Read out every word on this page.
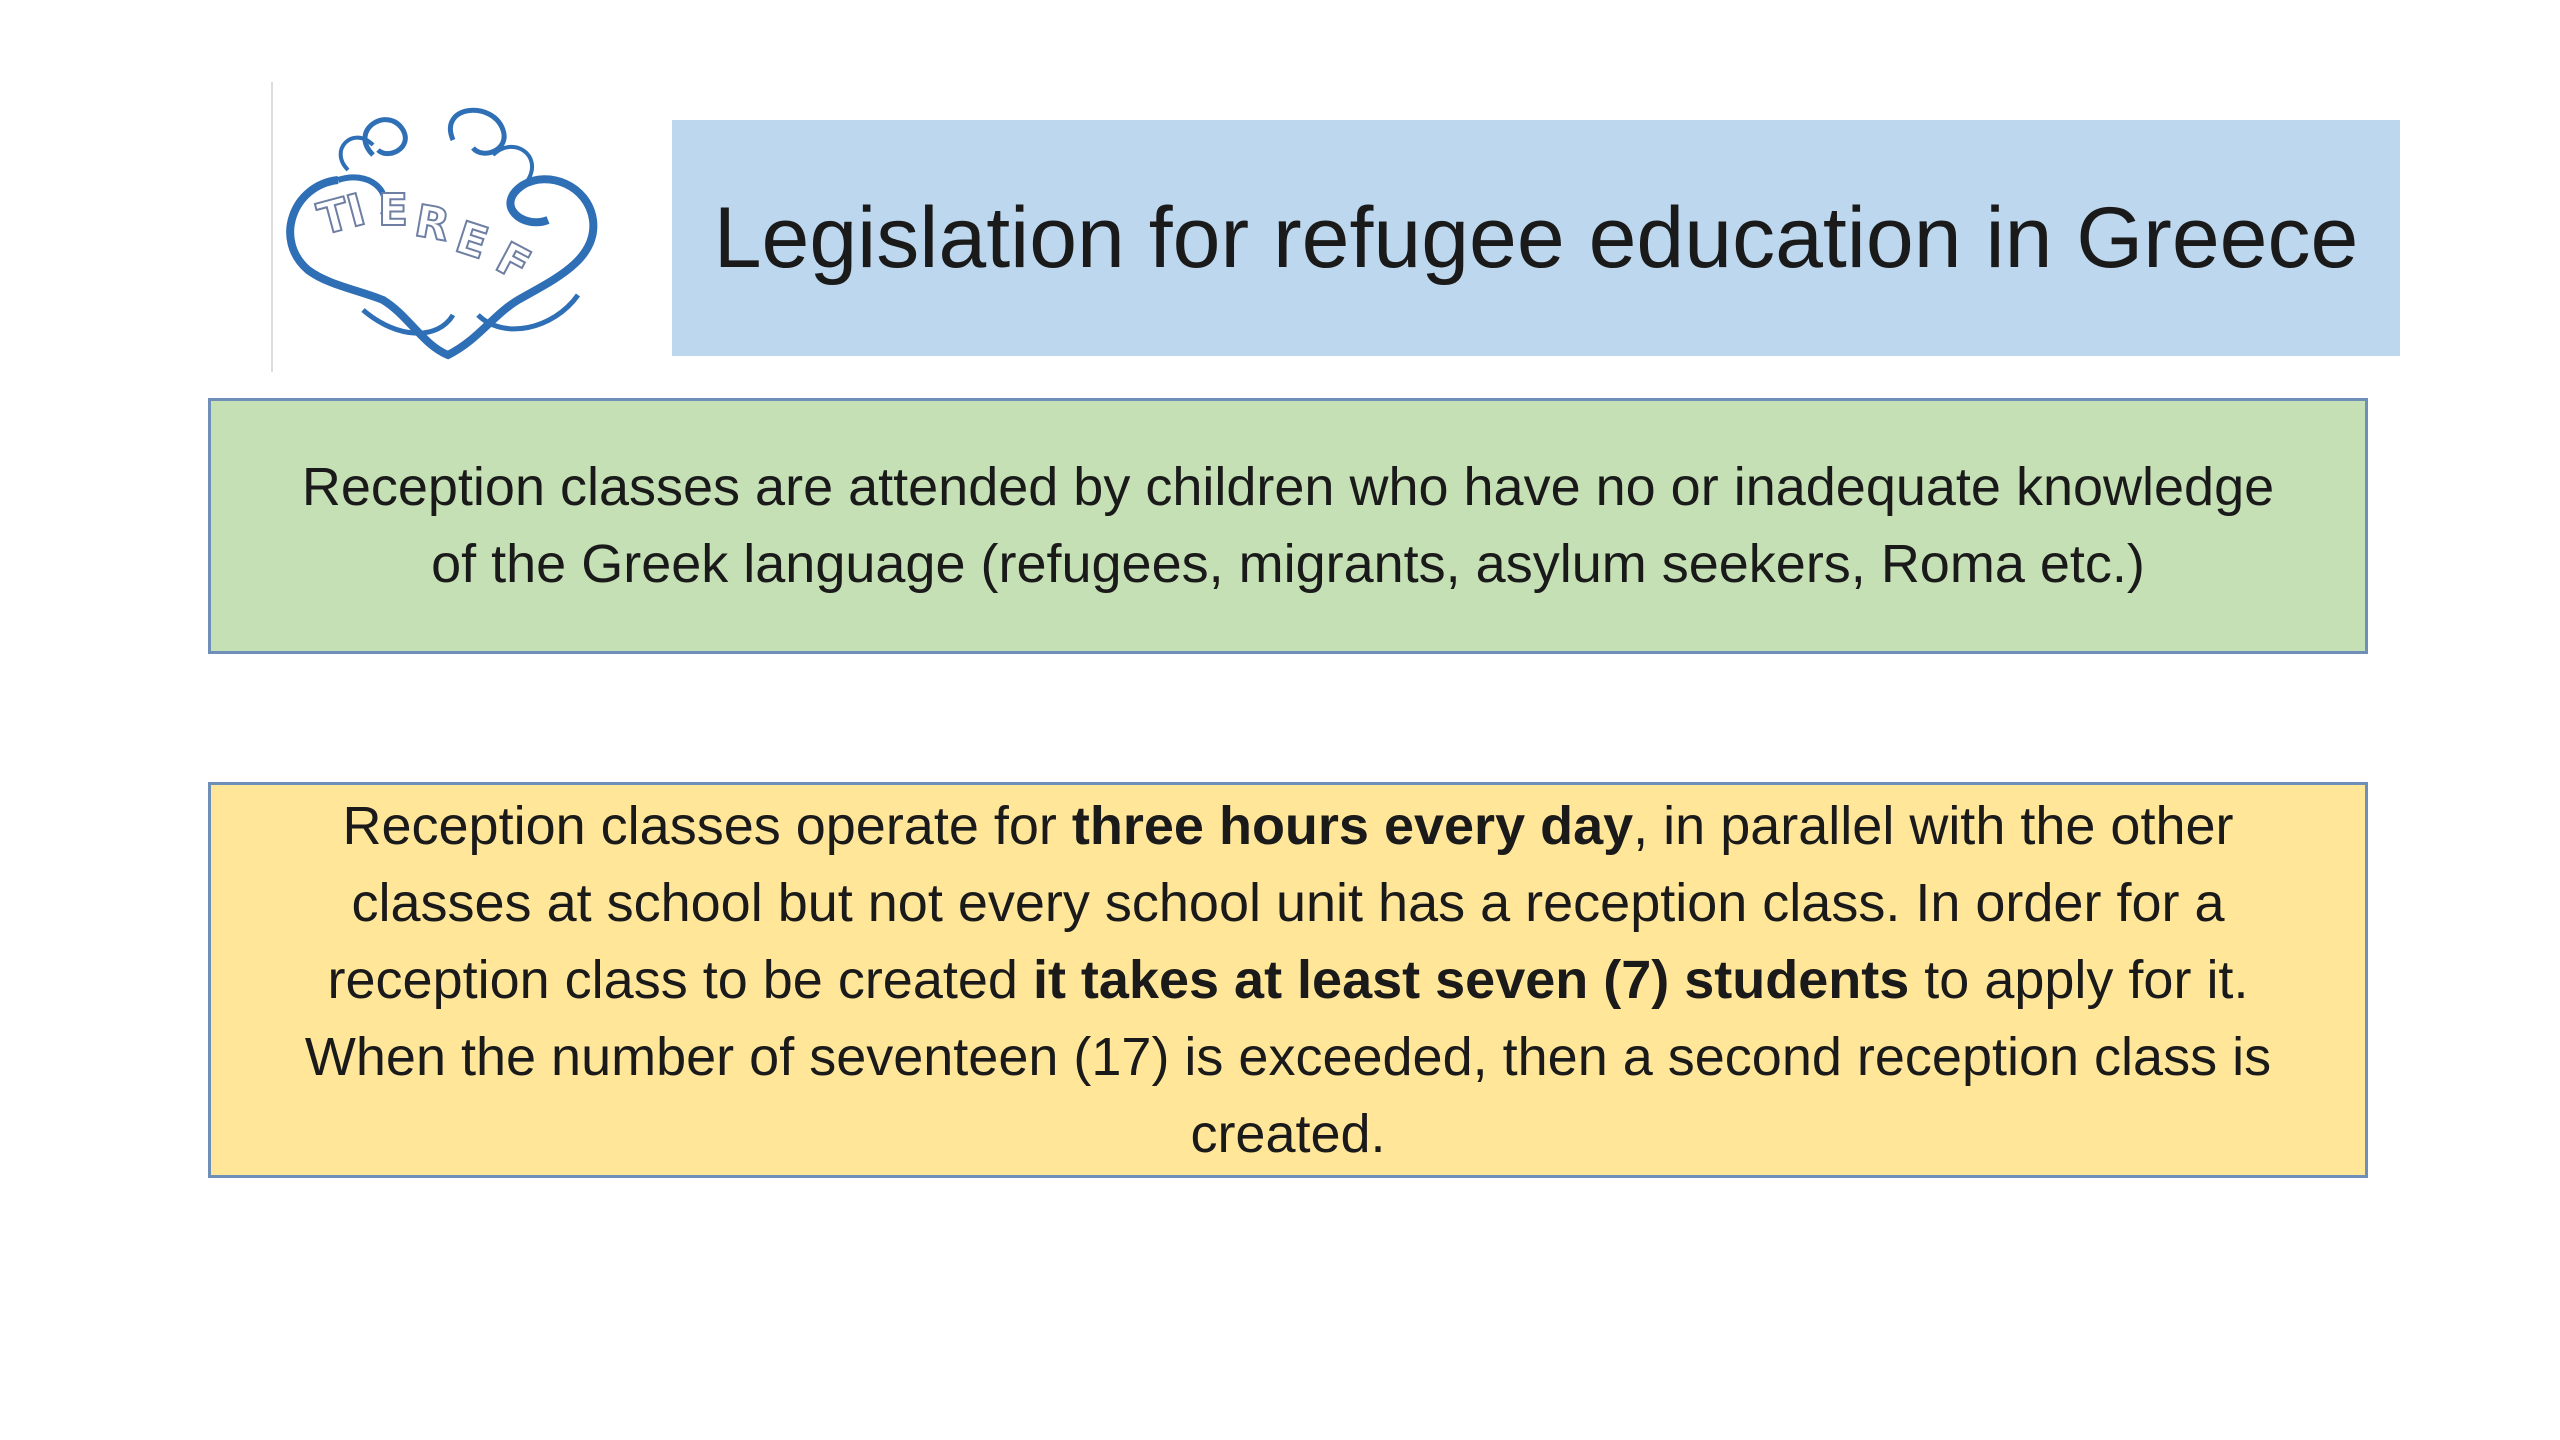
TI E R
E
F Legislation for refugee education in Greece

Reception classes are attended by children who have no or inadequate knowledge
of the Greek language (refugees, migrants, asylum seekers, Roma etc.)

Reception classes operate for three hours every day, in parallel with the other
classes at school but not every school unit has a reception class. In order for a
reception class to be created it takes at least seven (7) students to apply for it.
When the number of seventeen (17) is exceeded, then a second reception class is
created.
